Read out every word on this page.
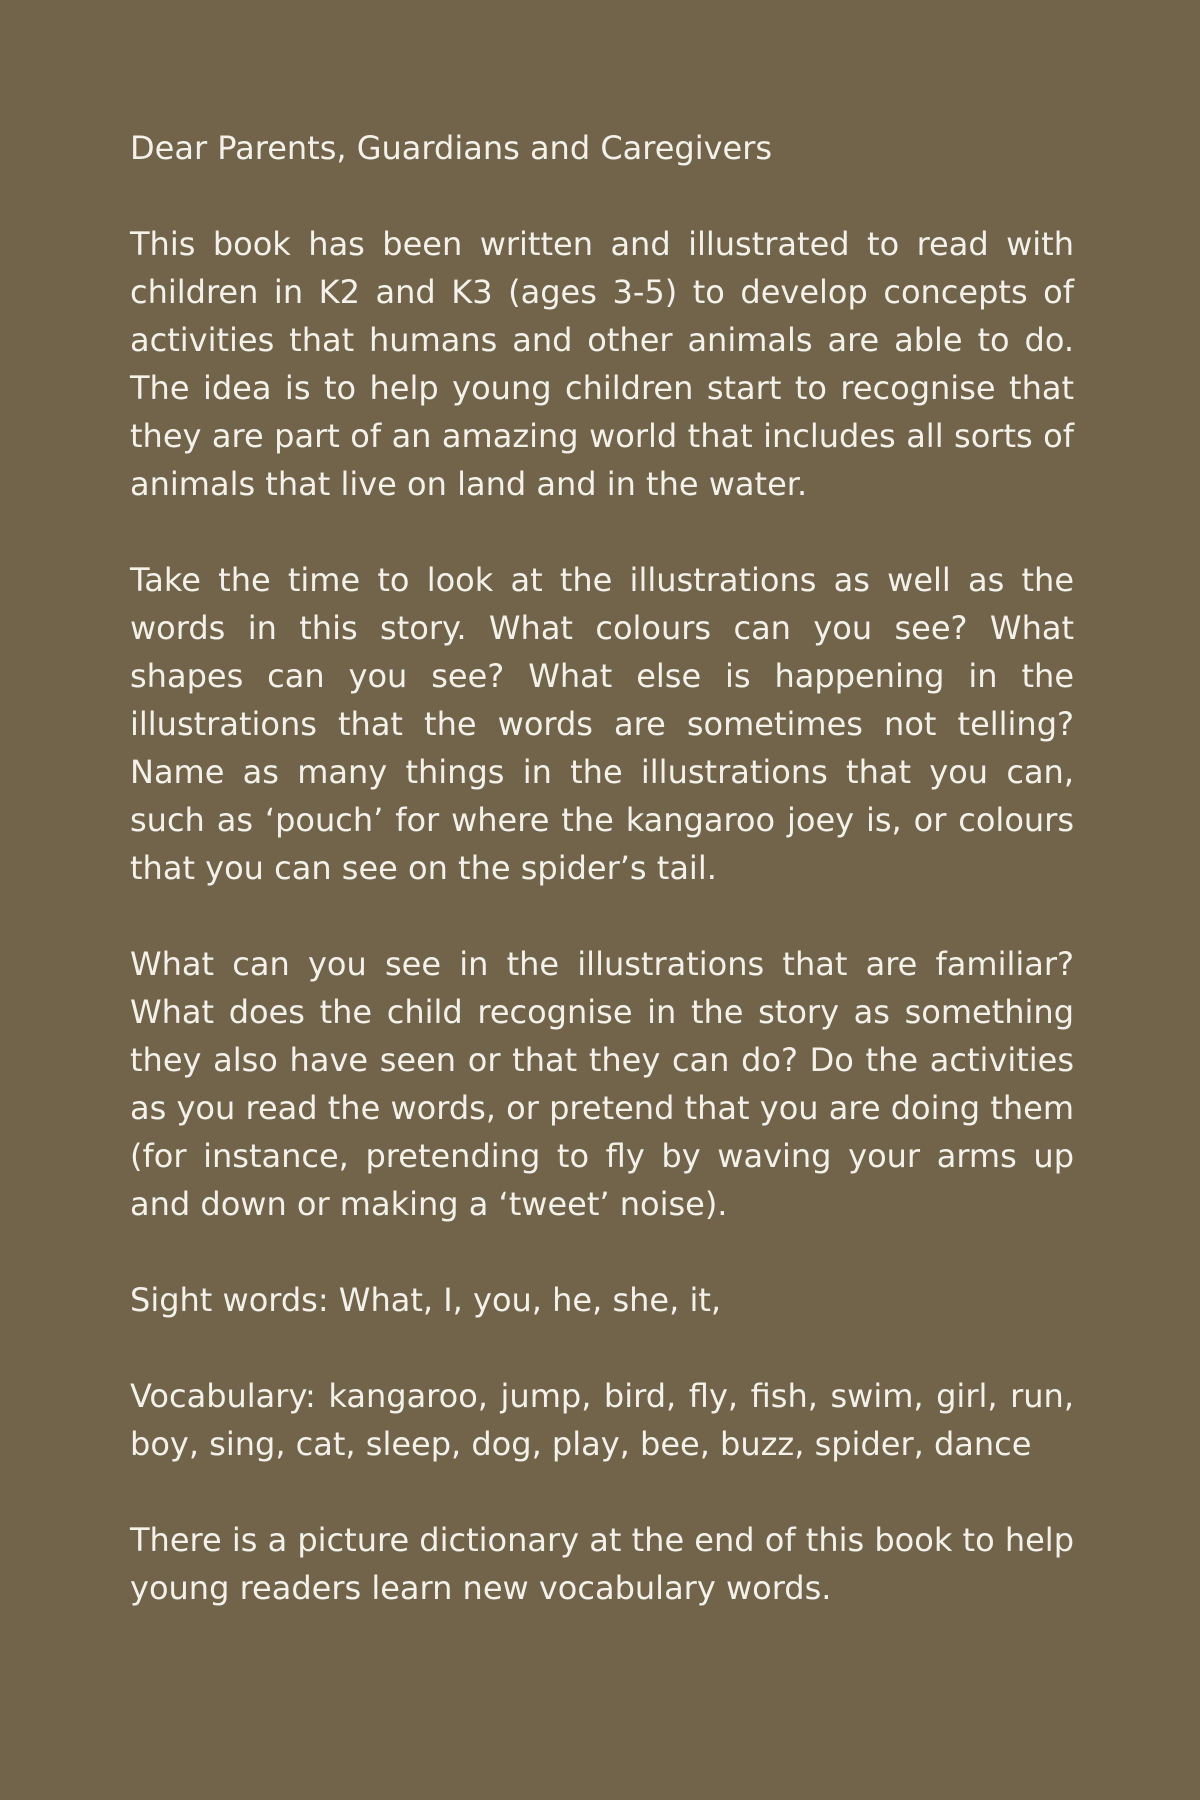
Dear Parents, Guardians and Caregivers

This book has been written and illustrated to read with children in K2 and K3 (ages 3-5) to develop concepts of activities that humans and other animals are able to do. The idea is to help young children start to recognise that they are part of an amazing world that includes all sorts of animals that live on land and in the water.

Take the time to look at the illustrations as well as the words in this story. What colours can you see? What shapes can you see? What else is happening in the illustrations that the words are sometimes not telling? Name as many things in the illustrations that you can, such as ‘pouch’ for where the kangaroo joey is, or colours that you can see on the spider’s tail.

What can you see in the illustrations that are familiar? What does the child recognise in the story as something they also have seen or that they can do? Do the activities as you read the words, or pretend that you are doing them (for instance, pretending to fly by waving your arms up and down or making a ‘tweet’ noise).

Sight words: What, I, you, he, she, it,

Vocabulary: kangaroo, jump, bird, fly, fish, swim, girl, run, boy, sing, cat, sleep, dog, play, bee, buzz, spider, dance

There is a picture dictionary at the end of this book to help young readers learn new vocabulary words.
